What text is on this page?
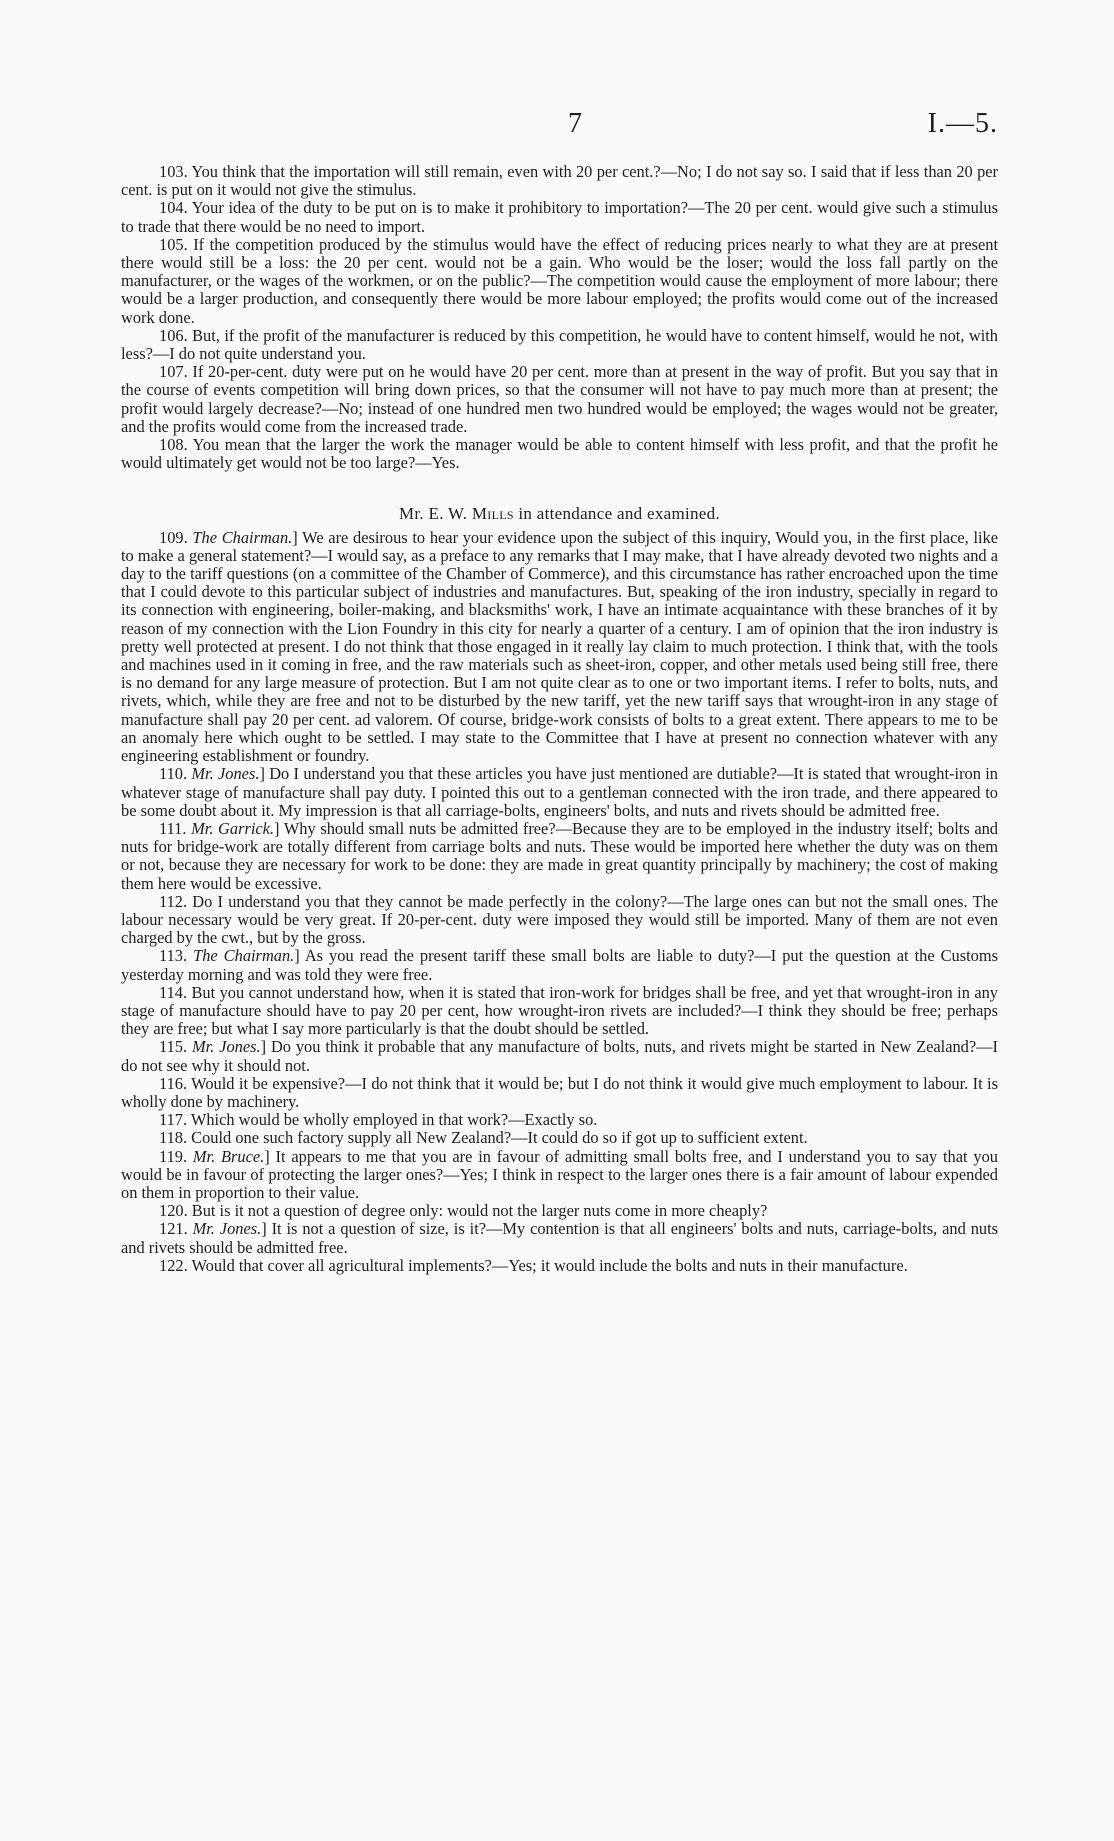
7	I.—5.

103. You think that the importation will still remain, even with 20 per cent.?—No; I do not say so. I said that if less than 20 per cent. is put on it would not give the stimulus.

104. Your idea of the duty to be put on is to make it prohibitory to importation?—The 20 per cent. would give such a stimulus to trade that there would be no need to import.

105. If the competition produced by the stimulus would have the effect of reducing prices nearly to what they are at present there would still be a loss: the 20 per cent. would not be a gain. Who would be the loser; would the loss fall partly on the manufacturer, or the wages of the workmen, or on the public?—The competition would cause the employment of more labour; there would be a larger production, and consequently there would be more labour employed; the profits would come out of the increased work done.

106. But, if the profit of the manufacturer is reduced by this competition, he would have to content himself, would he not, with less?—I do not quite understand you.

107. If 20-per-cent. duty were put on he would have 20 per cent. more than at present in the way of profit. But you say that in the course of events competition will bring down prices, so that the consumer will not have to pay much more than at present; the profit would largely decrease?—No; instead of one hundred men two hundred would be employed; the wages would not be greater, and the profits would come from the increased trade.

108. You mean that the larger the work the manager would be able to content himself with less profit, and that the profit he would ultimately get would not be too large?—Yes.

Mr. E. W. Mills in attendance and examined.

109. The Chairman.] We are desirous to hear your evidence upon the subject of this inquiry, Would you, in the first place, like to make a general statement?—I would say, as a preface to any remarks that I may make, that I have already devoted two nights and a day to the tariff questions (on a committee of the Chamber of Commerce), and this circumstance has rather encroached upon the time that I could devote to this particular subject of industries and manufactures. But, speaking of the iron industry, specially in regard to its connection with engineering, boiler-making, and blacksmiths' work, I have an intimate acquaintance with these branches of it by reason of my connection with the Lion Foundry in this city for nearly a quarter of a century. I am of opinion that the iron industry is pretty well protected at present. I do not think that those engaged in it really lay claim to much protection. I think that, with the tools and machines used in it coming in free, and the raw materials such as sheet-iron, copper, and other metals used being still free, there is no demand for any large measure of protection. But I am not quite clear as to one or two important items. I refer to bolts, nuts, and rivets, which, while they are free and not to be disturbed by the new tariff, yet the new tariff says that wrought-iron in any stage of manufacture shall pay 20 per cent. ad valorem. Of course, bridge-work consists of bolts to a great extent. There appears to me to be an anomaly here which ought to be settled. I may state to the Committee that I have at present no connection whatever with any engineering establishment or foundry.

110. Mr. Jones.] Do I understand you that these articles you have just mentioned are dutiable?—It is stated that wrought-iron in whatever stage of manufacture shall pay duty. I pointed this out to a gentleman connected with the iron trade, and there appeared to be some doubt about it. My impression is that all carriage-bolts, engineers' bolts, and nuts and rivets should be admitted free.

111. Mr. Garrick.] Why should small nuts be admitted free?—Because they are to be employed in the industry itself; bolts and nuts for bridge-work are totally different from carriage bolts and nuts. These would be imported here whether the duty was on them or not, because they are necessary for work to be done: they are made in great quantity principally by machinery; the cost of making them here would be excessive.

112. Do I understand you that they cannot be made perfectly in the colony?—The large ones can but not the small ones. The labour necessary would be very great. If 20-per-cent. duty were imposed they would still be imported. Many of them are not even charged by the cwt., but by the gross.

113. The Chairman.] As you read the present tariff these small bolts are liable to duty?—I put the question at the Customs yesterday morning and was told they were free.

114. But you cannot understand how, when it is stated that iron-work for bridges shall be free, and yet that wrought-iron in any stage of manufacture should have to pay 20 per cent, how wrought-iron rivets are included?—I think they should be free; perhaps they are free; but what I say more particularly is that the doubt should be settled.

115. Mr. Jones.] Do you think it probable that any manufacture of bolts, nuts, and rivets might be started in New Zealand?—I do not see why it should not.

116. Would it be expensive?—I do not think that it would be; but I do not think it would give much employment to labour. It is wholly done by machinery.

117. Which would be wholly employed in that work?—Exactly so.

118. Could one such factory supply all New Zealand?—It could do so if got up to sufficient extent.

119. Mr. Bruce.] It appears to me that you are in favour of admitting small bolts free, and I understand you to say that you would be in favour of protecting the larger ones?—Yes; I think in respect to the larger ones there is a fair amount of labour expended on them in proportion to their value.

120. But is it not a question of degree only: would not the larger nuts come in more cheaply?

121. Mr. Jones.] It is not a question of size, is it?—My contention is that all engineers' bolts and nuts, carriage-bolts, and nuts and rivets should be admitted free.

122. Would that cover all agricultural implements?—Yes; it would include the bolts and nuts in their manufacture.
